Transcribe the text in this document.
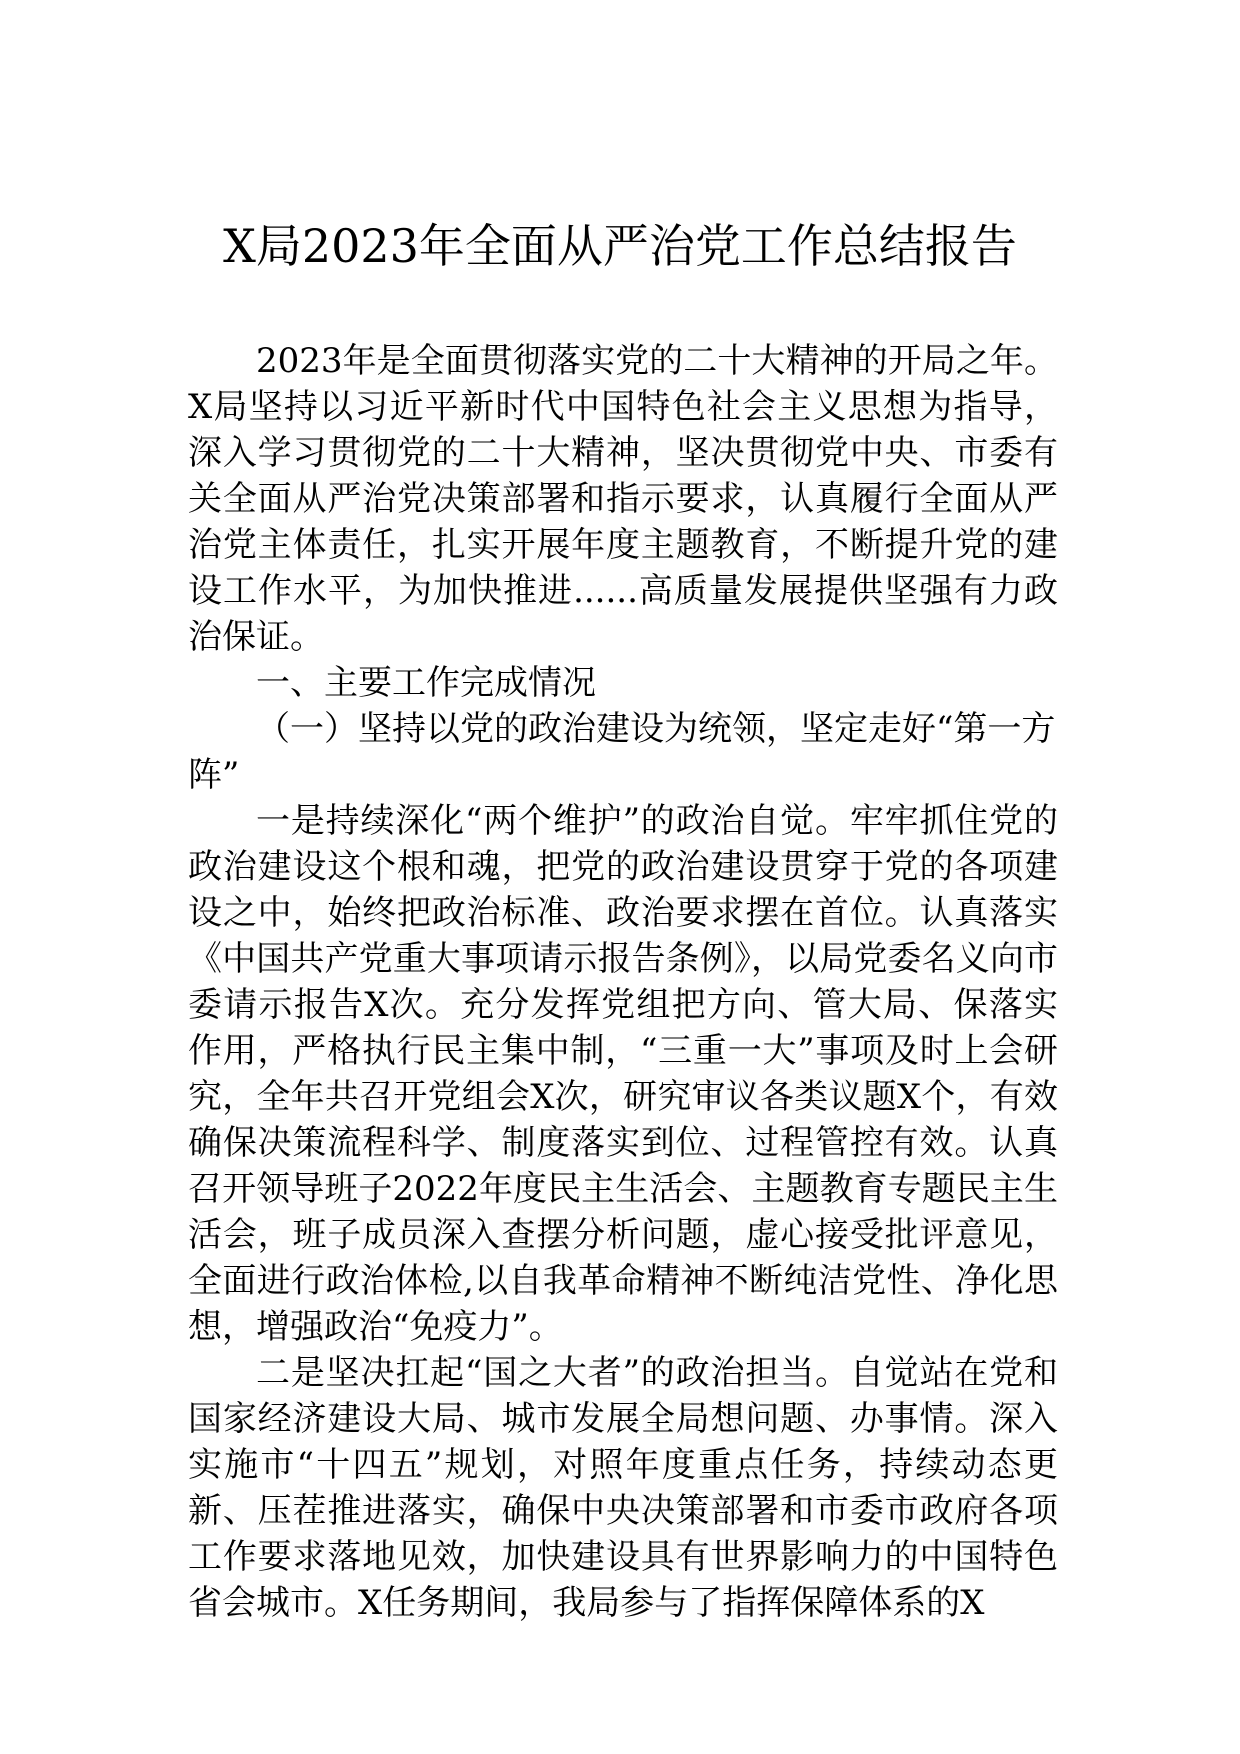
X局2023年全面从严治党工作总结报告

2023年是全面贯彻落实党的二十大精神的开局之年。X局坚持以习近平新时代中国特色社会主义思想为指导，深入学习贯彻党的二十大精神，坚决贯彻党中央、市委有关全面从严治党决策部署和指示要求，认真履行全面从严治党主体责任，扎实开展年度主题教育，不断提升党的建设工作水平，为加快推进......高质量发展提供坚强有力政治保证。

一、主要工作完成情况

（一）坚持以党的政治建设为统领，坚定走好“第一方阵”

一是持续深化“两个维护”的政治自觉。牢牢抓住党的政治建设这个根和魂，把党的政治建设贯穿于党的各项建设之中，始终把政治标准、政治要求摆在首位。认真落实《中国共产党重大事项请示报告条例》，以局党委名义向市委请示报告X次。充分发挥党组把方向、管大局、保落实作用，严格执行民主集中制，“三重一大”事项及时上会研究，全年共召开党组会X次，研究审议各类议题X个，有效确保决策流程科学、制度落实到位、过程管控有效。认真召开领导班子2022年度民主生活会、主题教育专题民主生活会，班子成员深入查摆分析问题，虚心接受批评意见，全面进行政治体检,以自我革命精神不断纯洁党性、净化思想，增强政治“免疫力”。

二是坚决扛起“国之大者”的政治担当。自觉站在党和国家经济建设大局、城市发展全局想问题、办事情。深入实施市“十四五”规划，对照年度重点任务，持续动态更新、压茬推进落实，确保中央决策部署和市委市政府各项工作要求落地见效，加快建设具有世界影响力的中国特色省会城市。X任务期间，我局参与了指挥保障体系的X
